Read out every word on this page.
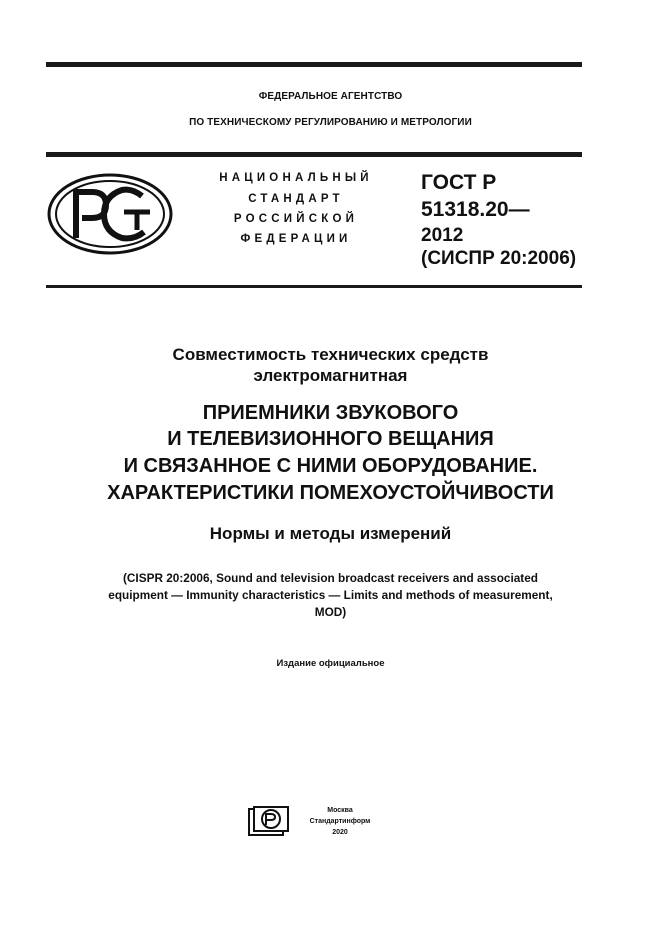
ФЕДЕРАЛЬНОЕ АГЕНТСТВО
ПО ТЕХНИЧЕСКОМУ РЕГУЛИРОВАНИЮ И МЕТРОЛОГИИ
НАЦИОНАЛЬНЫЙ
СТАНДАРТ
РОССИЙСКОЙ
ФЕДЕРАЦИИ
ГОСТ Р
51318.20—
2012
(СИСПР 20:2006)
Совместимость технических средств
электромагнитная
ПРИЕМНИКИ ЗВУКОВОГО
И ТЕЛЕВИЗИОННОГО ВЕЩАНИЯ
И СВЯЗАННОЕ С НИМИ ОБОРУДОВАНИЕ.
ХАРАКТЕРИСТИКИ ПОМЕХОУСТОЙЧИВОСТИ
Нормы и методы измерений
(CISPR 20:2006, Sound and television broadcast receivers and associated
equipment — Immunity characteristics — Limits and methods of measurement,
MOD)
Издание официальное
Москва
Стандартинформ
2020
